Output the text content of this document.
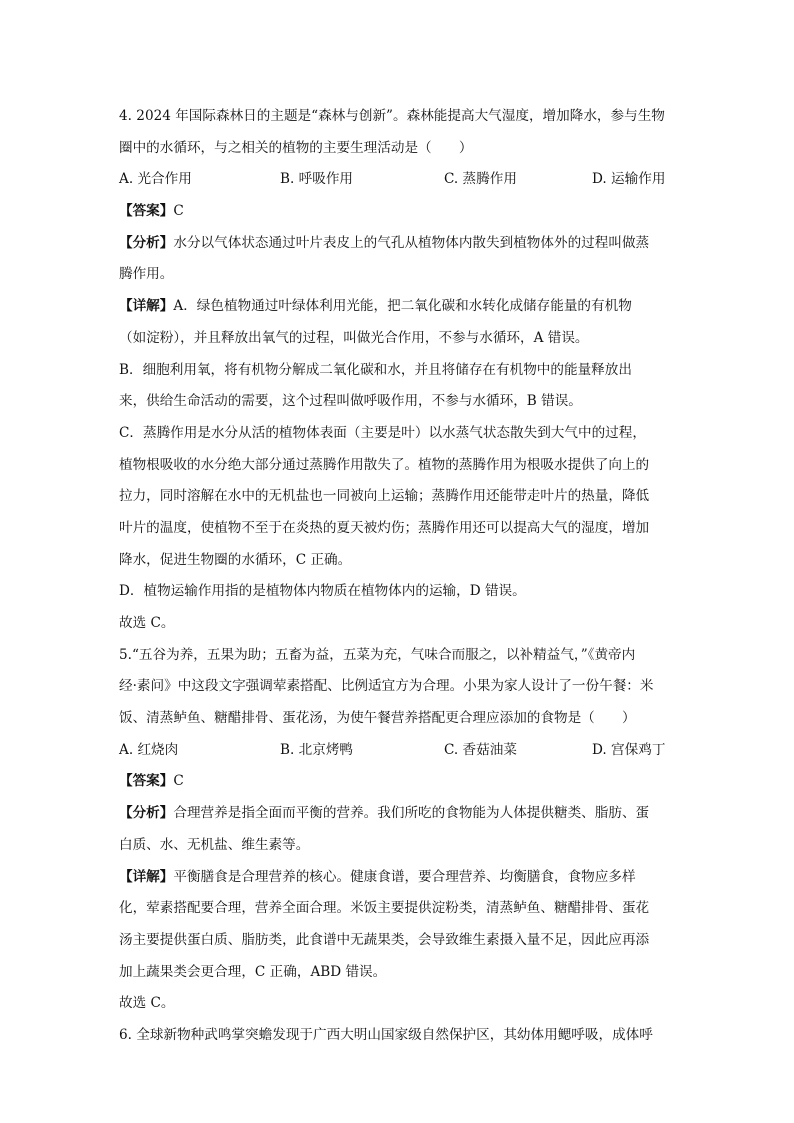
4. 2024 年国际森林日的主题是“森林与创新”。森林能提高大气湿度，增加降水，参与生物
圈中的水循环，与之相关的植物的主要生理活动是（　　）
A. 光合作用	B. 呼吸作用	C. 蒸腾作用	D. 运输作用
【答案】C
【分析】水分以气体状态通过叶片表皮上的气孔从植物体内散失到植物体外的过程叫做蒸
腾作用。
【详解】A．绿色植物通过叶绿体利用光能，把二氧化碳和水转化成储存能量的有机物
（如淀粉），并且释放出氧气的过程，叫做光合作用，不参与水循环，A 错误。
B．细胞利用氧，将有机物分解成二氧化碳和水，并且将储存在有机物中的能量释放出
来，供给生命活动的需要，这个过程叫做呼吸作用，不参与水循环，B 错误。
C．蒸腾作用是水分从活的植物体表面（主要是叶）以水蒸气状态散失到大气中的过程，
植物根吸收的水分绝大部分通过蒸腾作用散失了。植物的蒸腾作用为根吸水提供了向上的
拉力，同时溶解在水中的无机盐也一同被向上运输；蒸腾作用还能带走叶片的热量，降低
叶片的温度，使植物不至于在炎热的夏天被灼伤；蒸腾作用还可以提高大气的湿度，增加
降水，促进生物圈的水循环，C 正确。
D．植物运输作用指的是植物体内物质在植物体内的运输，D 错误。
故选 C。
5.“五谷为养，五果为助；五畜为益，五菜为充，气味合而服之，以补精益气，”《黄帝内
经·素问》中这段文字强调荤素搭配、比例适宜方为合理。小果为家人设计了一份午餐：米
饭、清蒸鲈鱼、糖醋排骨、蛋花汤，为使午餐营养搭配更合理应添加的食物是（　　）
A. 红烧肉	B. 北京烤鸭	C. 香菇油菜	D. 宫保鸡丁
【答案】C
【分析】合理营养是指全面而平衡的营养。我们所吃的食物能为人体提供糖类、脂肪、蛋
白质、水、无机盐、维生素等。
【详解】平衡膳食是合理营养的核心。健康食谱，要合理营养、均衡膳食，食物应多样
化，荤素搭配要合理，营养全面合理。米饭主要提供淀粉类，清蒸鲈鱼、糖醋排骨、蛋花
汤主要提供蛋白质、脂肪类，此食谱中无蔬果类，会导致维生素摄入量不足，因此应再添
加上蔬果类会更合理，C 正确，ABD 错误。
故选 C。
6. 全球新物种武鸣掌突蟾发现于广西大明山国家级自然保护区，其幼体用鳃呼吸，成体呼
